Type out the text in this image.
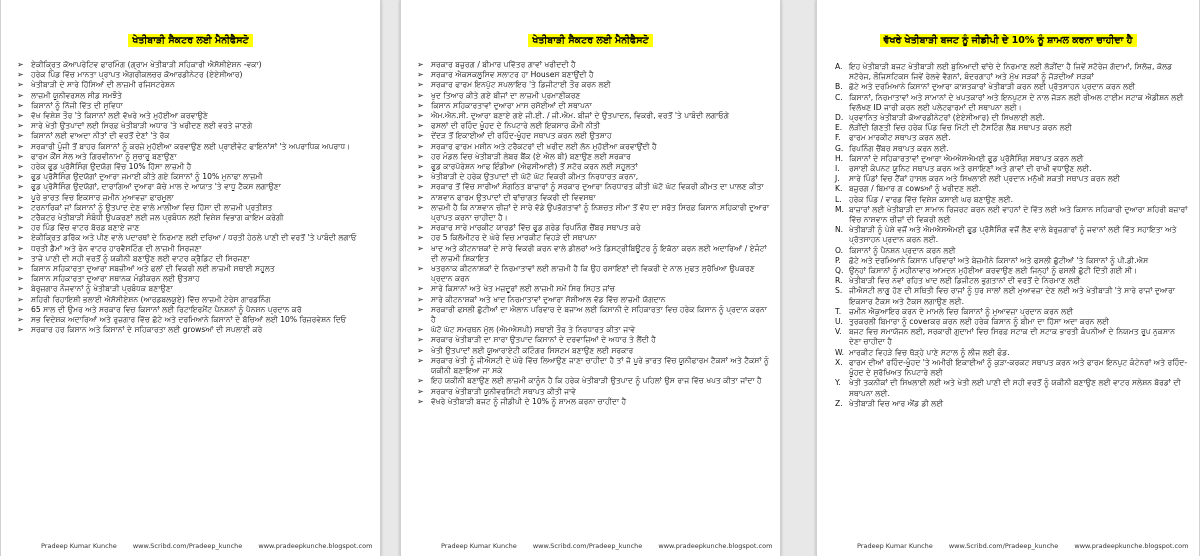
ਖੇਤੀਬਾੜੀ ਸੈਕਟਰ ਲਈ ਮੈਨੀਫੈਸਟੋ
➢ ਏਕੀਕ੍ਰਿਤ ਕੋਆਪਰੇਟਿਵ ਫਾਰਮਿੰਗ (ਗ੍ਰਾਮ ਖੇਤੀਬਾੜੀ ਸਹਿਕਾਰੀ ਐਸੋਸੀਏਸ਼ਨ -ਵਕਾ)
➢ ਹਰੇਕ ਪਿੰਡ ਵਿੱਚ ਮਾਨਤਾ ਪ੍ਰਾਪਤ ਐਗਰੀਕਲਚਰ ਕੋਆਰਡੀਨੇਟਰ (ਏਏਸੀਆਰ)
➢ ਖੇਤੀਬਾੜੀ ਦੇ ਸਾਰੇ ਹਿੱਸਿਆਂ ਦੀ ਲਾਜ਼ਮੀ ਰਜਿਸਟਰੇਸ਼ਨ
➢ ਲਾਜ਼ਮੀ ਯੂਨੀਵਰਸਲ ਸੀਡ ਸਮਝੌਤੇ
➢ ਕਿਸਾਨਾਂ ਨੂੰ ਨਿੱਜੀ ਵਿੱਤ ਦੀ ਸੁਵਿਧਾ
➢ ਵੱਖ ਵਿਸ਼ੇਸ਼ ਤੌਰ 'ਤੇ ਕਿਸਾਨਾਂ ਲਈ ਵੱਖਰੇ ਅਤੇ ਮੁਹੱਈਆ ਕਰਵਾਉਣੇ
➢ ਸਾਰੇ ਖੇਤੀ ਉਤਪਾਦਾਂ ਲਈ ਸਿਰਫ਼ ਖੇਤੀਬਾੜੀ ਅਧਾਰ 'ਤੇ ਖਰੀਦਣ ਲਈ ਵਰਤੇ ਜਾਣਗੇ
➢ ਕਿਸਾਨਾਂ ਲਈ ਵਾਅਦਾ ਨੀਤਾਂ ਦੀ ਵਰਤੋਂ ਦੇਣਾਂ 'ਤੇ ਰੋਕ
➢ ਸਰਕਾਰੀ ਪੂੰਜੀ ਤੋਂ ਬਾਹਰ ਕਿਸਾਨਾਂ ਨੂੰ ਕਰਜ਼ੇ ਮੁਹੱਈਆ ਕਰਵਾਉਣ ਲਈ ਪ੍ਰਾਈਵੇਟ ਫਾਇਨਾਂਸਾਂ 'ਤੇ ਅਪਰਾਧਿਕ ਅਪਰਾਧ।
➢ ਫਾਰਮ ਕੌਂਸ ਸੇਲ ਅਤੇ ਗਿਰਵੀਨਾਮਾ ਨੂੰ ਸੁਚਾਰੂ ਬਣਾਉਣਾ
➢ ਹਰੇਕ ਫੂਡ ਪ੍ਰੋਸੈਸਿੰਗ ਉਦਯੋਗ ਵਿੱਚ 10% ਹਿੱਸਾ ਲਾਜ਼ਮੀ ਹੈ
➢ ਫੂਡ ਪ੍ਰੋਸੈਸਿੰਗ ਉਦਯੋਗਾਂ ਦੁਆਰਾ ਜਮਾਈ ਕੀਤੇ ਗਏ ਕਿਸਾਨਾਂ ਨੂੰ 10% ਮੁਨਾਫਾ ਲਾਜ਼ਮੀ
➢ ਫੂਡ ਪ੍ਰੋਸੈਸਿੰਗ ਉਦਯੋਗਾਂ, ਦਾਰਾਗਿਆਂ ਦੁਆਰਾ ਕੱਚੇ ਮਾਲ ਦੇ ਆਯਾਤ 'ਤੇ ਵਾਧੂ ਟੈਕਸ ਲਗਾਉਣਾ
➢ ਪੂਰੇ ਭਾਰਤ ਵਿਚ ਇਕਸਾਰ ਜ਼ਮੀਨ ਮੁਆਵਜ਼ਾ ਫਾਰਮੂਲਾ
➢ ਟਰਨਾਰਿਕਾਂ ਜਾਂ ਕਿਸਾਨਾਂ ਨੂੰ ਉਤਪਾਦ ਦੇਣ ਵਾਲੇ ਮਾਲੀਆ ਵਿਚ ਹਿੱਸਾ ਦੀ ਲਾਜ਼ਮੀ ਪ੍ਰਤੀਸ਼ਤ
➢ ਟਰੈਕਟਰ ਖੇਤੀਬਾੜੀ ਸੰਬੰਧੀ ਉਪਕਰਣਾਂ ਲਈ ਜਲ ਪ੍ਰਬੰਧਨ ਲਈ ਵਿਸ਼ੇਸ਼ ਵਿਭਾਗ ਕਾਇਮ ਕਰੇਗੀ
➢ ਹਰ ਪਿੰਡ ਵਿੱਚ ਵਾਟਰ ਬੋਰਡ ਬਣਾਏ ਜਾਣ
➢ ਏਕੀਕ੍ਰਿਤ ਡਰਿੱਕ ਅਤੇ ਪੀਣ ਵਾਲੇ ਪਦਾਰਥਾਂ ਦੇ ਨਿਰਮਾਣ ਲਈ ਦਰਿਆ / ਧਰਤੀ ਹੇਠਲੇ ਪਾਣੀ ਦੀ ਵਰਤੋਂ 'ਤੇ ਪਾਬੰਦੀ ਲਗਾਓ
➢ ਧਰਤੀ ਡੈਮਾਂ ਅਤੇ ਰੇਨ ਵਾਟਰ ਹਾਰਵੈਸਟਿੰਗ ਦੀ ਲਾਜ਼ਮੀ ਸਿਰਜਣਾ
➢ ਤਾਜ਼ੇ ਪਾਣੀ ਦੀ ਸਹੀ ਵਰਤੋਂ ਨੂੰ ਯਕੀਨੀ ਬਣਾਉਣ ਲਈ ਵਾਟਰ ਕ੍ਰੈਡਿਟ ਦੀ ਸਿਰਜਣਾ
➢ ਕਿਸਾਨ ਸਹਿਕਾਰਤਾ ਦੁਆਰਾ ਸਬਜ਼ੀਆਂ ਅਤੇ ਫਲਾਂ ਦੀ ਵਿਕਰੀ ਲਈ ਲਾਜ਼ਮੀ ਸਥਾਈ ਸਹੂਲਤ
➢ ਕਿਸਾਨ ਸਹਿਕਾਰਤਾ ਦੁਆਰਾ ਸਥਾਨਕ ਮੰਡੀਕਰਨ ਲਈ ਉਤਸ਼ਾਹ
➢ ਬੇਰੁਜ਼ਗਾਰ ਨੌਜਵਾਨਾਂ ਨੂੰ ਖੇਤੀਬਾੜੀ ਪ੍ਰਬੰਧਕ ਬਣਾਉਣਾ
➢ ਸ਼ਹਿਰੀ ਰਿਹਾਇਸ਼ੀ ਭਲਾਈ ਐਸੋਸੀਏਸ਼ਨ (ਆਰਡਬਲਯੂਏ) ਵਿੱਚ ਲਾਜ਼ਮੀ ਟੇਰੇਸ ਗਾਰਡਨਿੰਗ
➢ 65 ਸਾਲ ਦੀ ਉਮਰ ਅਤੇ ਸਰਕਾਰ ਵਿਚ ਕਿਸਾਨਾਂ ਲਈ ਰਿਟਾਇਰਮੈਂਟ ਪੈਨਸ਼ਨਾਂ ਨੂੰ ਪੈਨਸ਼ਨ ਪ੍ਰਦਾਨ ਕਰੋ
➢ ਸਭ ਵਿਦੇਸ਼ਕ ਅਦਾਰਿਆਂ ਅਤੇ ਰੁਜ਼ਗਾਰ ਵਿੱਚ ਛੋਟੇ ਅਤੇ ਦਰਮਿਆਨੇ ਕਿਸਾਨਾਂ ਦੇ ਬੱਚਿਆਂ ਲਈ 10% ਰਿਜ਼ਰਵੇਸ਼ਨ ਦਿਓ
➢ ਸਰਕਾਰ ਹਰ ਕਿਸਾਨ ਅਤੇ ਕਿਸਾਨਾਂ ਦੇ ਸਹਿਕਾਰਤਾ ਲਈ growsਆਂ ਦੀ ਸਪਲਾਈ ਕਰੇ
Pradeep Kumar Kunche www.Scribd.com/Pradeep_kunche www.pradeepkunche.blogspot.com
ਖੇਤੀਬਾੜੀ ਸੈਕਟਰ ਲਈ ਮੈਨੀਫੈਸਟੋ
➢ ਸਰਕਾਰ ਬਜ਼ੁਰਗ / ਬੀਮਾਰ ਪਵਿੱਤਰ ਗਾਵਾਂ ਖਰੀਦਦੀ ਹੈ
➢ ਸਰਕਾਰ ਐਕਸਕਲੂਸਿਵ ਸਲਾਟਰ ਹਾ Houseਸ ਬਣਾਉਂਦੀ ਹੈ
➢ ਸਰਕਾਰ ਫਾਰਮ ਇਨਪੁੱਟ ਸਪਲਾਇਰ 'ਤੇ ਡਿਜੀਟਾਈ ਤੌਰ ਕਰਨ ਲਈ
➢ ਖੁਦ ਤਿਆਰ ਕੀਤੇ ਗਏ ਬੀਜਾਂ ਦਾ ਲਾਜ਼ਮੀ ਪ੍ਰਮਾਣੀਕਰਣ
➢ ਕਿਸਾਨ ਸਹਿਕਾਰਤਾਵਾਂ ਦੁਆਰਾ ਮਾਸ ਰਸੋਈਆਂ ਦੀ ਸਥਾਪਨਾ
➢ ਐਮ.ਐਨ.ਸੀ. ਦੁਆਰਾ ਬਣਾਏ ਗਏ ਜੀ.ਈ. / ਜੀ.ਐਮ. ਬੀਜਾਂ ਦੇ ਉਤਪਾਦਨ, ਵਿਕਰੀ, ਵਰਤੋਂ 'ਤੇ ਪਾਬੰਦੀ ਲਗਾਓਗੇ
➢ ਫਸਲਾਂ ਦੀ ਰਹਿੰਦ ਖੂੰਹਦ ਦੇ ਨਿਪਟਾਰੇ ਲਈ ਇਕਸਾਰ ਕੌਮੀ ਨੀਤੀ
➢ ਦੇਂਦੜ ਤੋਂ ਇਕਾਈਆਂ ਦੀ ਰਹਿੰਦ-ਖੂੰਹਦ ਸਥਾਪਤ ਕਰਨ ਲਈ ਉਤਸ਼ਾਹ
➢ ਸਰਕਾਰ ਫਾਰਮ ਮਸ਼ੀਨ ਅਤੇ ਟਰੈਕਟਰਾਂ ਦੀ ਖਰੀਦ ਲਈ ਲੋਨ ਮੁਹੱਈਆ ਕਰਵਾਉਂਦੀ ਹੈ
➢ ਹਰ ਮੰਡਲ ਵਿਚ ਖੇਤੀਬਾੜੀ ਲੇਬਰ ਬੈਂਕ (ਏ ਐਲ ਬੀ) ਬਣਾਉਣ ਲਈ ਸਰਕਾਰ
➢ ਫੂਡ ਕਾਰਪੋਰੇਸ਼ਨ ਆਫ ਇੰਡੀਆ (ਐਫਸੀਆਈ) ਤੋਂ ਸਟੋਰ ਕਰਨ ਲਈ ਸਹੂਲਤਾਂ
➢ ਖੇਤੀਬਾੜੀ ਦੇ ਹਰੇਕ ਉਤਪਾਦਾਂ ਦੀ ਘੱਟੋ ਘੱਟ ਵਿਕਰੀ ਕੀਮਤ ਨਿਰਧਾਰਤ ਕਰਨਾ,
➢ ਸਰਕਾਰ ਤੋਂ ਵਿੱਚ ਸਾਰੀਆਂ ਸੰਗਠਿਤ ਬਾਜ਼ਾਰਾਂ ਨੂੰ ਸਰਕਾਰ ਦੁਆਰਾ ਨਿਰਧਾਰਤ ਕੀਤੀ ਘੱਟੋ ਘੱਟ ਵਿਕਰੀ ਕੀਮਤ ਦਾ ਪਾਲਣ ਕੀਤਾ
➢ ਨਾਸ਼ਵਾਨ ਫਾਰਮ ਉਤਪਾਦਾਂ ਦੀ ਢਾਂਚਾਗਤ ਵਿਕਰੀ ਦੀ ਵਿਵਸਥਾ
➢ ਲਾਜ਼ਮੀ ਹੈ ਕਿ ਨਾਸ਼ਵਾਨ ਚੀਜ਼ਾਂ ਦੇ ਸਾਰੇ ਵੱਡੇ ਉਪਭੋਗਤਾਵਾਂ ਨੂੰ ਨਿਸ਼ਚਤ ਸੀਮਾ ਤੋਂ ਵੱਧ ਦਾ ਸਰੋਤ ਸਿਰਫ਼ ਕਿਸਾਨ ਸਹਿਕਾਰੀ ਦੁਆਰਾ ਪ੍ਰਾਪਤ ਕਰਨਾ ਚਾਹੀਦਾ ਹੈ।
➢ ਸਰਕਾਰ ਸਾਰੇ ਮਾਰਕੀਟ ਯਾਰਡਾਂ ਵਿੱਚ ਫੂਡ ਗਰੇਡ ਰਿਪਨਿੰਗ ਚੈਂਬਰ ਸਥਾਪਤ ਕਰੇ
➢ ਹਰ 5 ਕਿਲੋਮੀਟਰ ਦੇ ਘੇਰੇ ਵਿਚ ਮਾਰਕੀਟ ਵਿਹੜੇ ਦੀ ਸਥਾਪਨਾ
➢ ਖਾਦ ਅਤੇ ਕੀਟਨਾਸ਼ਕਾਂ ਦੇ ਸਾਰੇ ਵਿਕਰੀ ਕਰਨ ਵਾਲੇ ਡੀਲਰਾਂ ਅਤੇ ਡਿਸਟ੍ਰੀਬਿਊਟਰ ਨੂੰ ਇਕੱਠਾ ਕਰਨ ਲਈ ਅਦਾਰਿਆਂ / ਏਜੰਟਾਂ ਦੀ ਲਾਜ਼ਮੀ ਸ਼ਿਕਾਇਤ
➢ ਖਤਰਨਾਕ ਕੀਟਨਾਸ਼ਕਾਂ ਦੇ ਨਿਰਮਾਤਾਵਾਂ ਲਈ ਲਾਜ਼ਮੀ ਹੈ ਕਿ ਉਹ ਰਸਾਇਣਾਂ ਦੀ ਵਿਕਰੀ ਦੇ ਨਾਲ ਮੁਫਤ ਸੁਰੱਖਿਆ ਉਪਕਰਣ ਪ੍ਰਦਾਨ ਕਰਨ
➢ ਸਾਰੇ ਕਿਸਾਨਾਂ ਅਤੇ ਖੇਤ ਮਜ਼ਦੂਰਾਂ ਲਈ ਲਾਜ਼ਮੀ ਸਮੇਂ ਸਿਰ ਸਿਹਤ ਜਾਂਚ
➢ ਸਾਰੇ ਕੀਟਨਾਸ਼ਕਾਂ ਅਤੇ ਖਾਦ ਨਿਰਮਾਤਾਵਾਂ ਦੁਆਰਾ ਸੋਸ਼ੀਆਲ ਵੱਡ ਵਿੱਚ ਲਾਜ਼ਮੀ ਯੋਗਦਾਨ
➢ ਸਰਕਾਰੀ ਫਸਲੀ ਛੁੱਟੀਆਂ ਦਾ ਐਲਾਨ ਪਰਿਵਾਰ ਦੇ ਬਜਾਅ ਲਈ ਕਿਸਾਨੀ ਦੇ ਸਹਿਕਾਰਤਾ ਵਿਚ ਹਰੇਕ ਕਿਸਾਨ ਨੂੰ ਪ੍ਰਦਾਨ ਕਰਨਾ ਹੈ
➢ ਘੱਟੋ ਘੱਟ ਸਮਰਥਨ ਮੁੱਲ (ਐਮਐਸਪੀ) ਸਥਾਈ ਤੌਰ ਤੇ ਨਿਰਧਾਰਤ ਕੀਤਾ ਜਾਵੇ
➢ ਸਰਕਾਰ ਖੇਤੀਬਾੜੀ ਦਾ ਸਾਰਾ ਉਤਪਾਦ ਕਿਸਾਨਾਂ ਦੇ ਦਰਵਾਜ਼ਿਆਂ ਦੇ ਅਧਾਰ ਤੇ ਲੈਂਦੀ ਹੈ
➢ ਖੇਤੀ ਉਤਪਾਦਾਂ ਲਈ ਯੂਆਰਾਏਟੀ ਕਟਿੰਗਰ ਸਿਸਟਮ ਬਣਾਉਣ ਲਈ ਸਰਕਾਰ
➢ ਸਰਕਾਰ ਖੇਤੀ ਨੂੰ ਜੀਐਸਟੀ ਦੇ ਘੇਰੇ ਵਿੱਚ ਲਿਆਉਣ ਜਾਣਾ ਚਾਹੀਦਾ ਹੈ ਤਾਂ ਜੋ ਪੂਰੇ ਭਾਰਤ ਵਿੱਚ ਯੂਨੀਫਾਰਮ ਟੈਕਸਾਂ ਅਤੇ ਟੈਕਸਾਂ ਨੂੰ ਯਕੀਨੀ ਬਣਾਇਆ ਜਾ ਸਕੇ
➢ ਇਹ ਯਕੀਨੀ ਬਣਾਉਣ ਲਈ ਲਾਜ਼ਮੀ ਕਾਨੂੰਨ ਹੈ ਕਿ ਹਰੇਕ ਖੇਤੀਬਾੜੀ ਉਤਪਾਦ ਨੂੰ ਪਹਿਲਾਂ ਉਸ ਰਾਜ ਵਿੱਚ ਖਪਤ ਕੀਤਾ ਜਾਂਦਾ ਹੈ
➢ ਸਰਕਾਰ ਖੇਤੀਬਾੜੀ ਯੂਨੀਵਰਸਿਟੀ ਸਥਾਪਤ ਕੀਤੀ ਜਾਵੇ
➢ ਵੱਖਰੇ ਖੇਤੀਬਾੜੀ ਬਜਟ ਨੂੰ ਜੀਡੀਪੀ ਦੇ 10% ਨੂੰ ਸ਼ਾਮਲ ਕਰਨਾ ਚਾਹੀਦਾ ਹੈ
Pradeep Kumar Kunche www.Scribd.com/Pradeep_kunche www.pradeepkunche.blogspot.com
ਵੱਖਰੇ ਖੇਤੀਬਾੜੀ ਬਜਟ ਨੂੰ ਜੀਡੀਪੀ ਦੇ 10% ਨੂੰ ਸ਼ਾਮਲ ਕਰਨਾ ਚਾਹੀਦਾ ਹੈ
A. ਇਹ ਖੇਤੀਬਾੜੀ ਬਜਟ ਖੇਤੀਬਾੜੀ ਲਈ ਬੁਨਿਆਦੀ ਢਾਂਚੇ ਦੇ ਨਿਰਮਾਣ ਲਈ ਲੋੜੀਂਦਾ ਹੈ ਜਿਵੇਂ ਸਟੋਰੇਜ ਗੋਦਾਮਾਂ, ਸਿਲੋਜ਼, ਕੋਲਡ ਸਟੋਰੇਜ, ਲੌਜਿਸਟਿਕਸ ਜਿਵੇਂ ਰੇਲਵੇ ਵੈਗਨਾਂ, ਬੰਦਰਗਾਹਾਂ ਅਤੇ ਮੁੱਖ ਸੜਕਾਂ ਨੂੰ ਜੋੜਦੀਆਂ ਸੜਕਾਂ
B. ਛੋਟੇ ਅਤੇ ਦਰਮਿਆਨੇ ਕਿਸਾਨਾਂ ਦੁਆਰਾ ਕਾਸ਼ਤਕਾਰਾਂ ਖੇਤੀਬਾੜੀ ਕਰਨ ਲਈ ਪ੍ਰੋਤਸਾਹਨ ਪ੍ਰਦਾਨ ਕਰਨ ਲਈ
C. ਕਿਸਾਨਾਂ, ਨਿਰਮਾਤਾਵਾਂ ਅਤੇ ਸਾਮਾਨਾਂ ਦੇ ਖਪਤਕਾਰਾਂ ਅਤੇ ਇਨਪੁਟਸ ਦੇ ਨਾਲ ਜੋੜਨ ਲਈ ਰੀਅਲ ਟਾਈਮ ਸਟਾਕ ਐਡੀਸ਼ਨ ਲਈ ਵਿਲੱਖਣ ID ਜਾਰੀ ਕਰਨ ਲਈ ਪਲੇਟਫਾਰਮਾਂ ਦੀ ਸਥਾਪਨਾ ਲਈ।
D. ਪ੍ਰਵਾਨਿਤ ਖੇਤੀਬਾੜੀ ਕੋਆਰਡੀਨੇਟਰਾਂ (ਏਏਸੀਆਰ) ਦੀ ਸਿਖਲਾਈ ਲਈ.
E. ਲੋੜੀਂਦੀ ਗਿਣਤੀ ਵਿਚ ਹਰੇਕ ਪਿੰਡ ਵਿਚ ਮਿੱਟੀ ਦੀ ਟੈਸਟਿੰਗ ਲੈਬ ਸਥਾਪਤ ਕਰਨ ਲਈ
F. ਫਾਰਮ ਮਾਰਕੀਟ ਸਥਾਪਤ ਕਰਨ ਲਈ.
G. ਰਿਪਨਿੰਗ ਚੈਂਬਰ ਸਥਾਪਤ ਕਰਨ ਲਈ.
H. ਕਿਸਾਨਾਂ ਦੇ ਸਹਿਕਾਰਤਾਵਾਂ ਦੁਆਰਾ ਐਮਐਸਐਮਈ ਫੂਡ ਪ੍ਰੋਸੈਸਿੰਗ ਸਥਾਪਤ ਕਰਨ ਲਈ
I. ਰਸਾਈ ਕੰਪਨਟ ਯੂਨਿਟ ਸਥਾਪਤ ਕਰਨ ਅਤੇ ਰਸਾਇਣਾਂ ਅਤੇ ਗਾਵਾਂ ਦੀ ਰਾਖੀ ਵਧਾਉਣ ਲਈ.
J. ਸਾਰੇ ਪਿੰਡਾਂ ਵਿਚ ਟੈਂਕਾਂ ਹਾਸਲ ਕਰਨ ਅਤੇ ਸਿਖਲਾਈ ਲਈ ਪ੍ਰਦਾਨ ਮਨੁੱਖੀ ਸ਼ਕਤੀ ਸਥਾਪਤ ਕਰਨ ਲਈ
K. ਬਜ਼ੁਰਗ / ਬਿਮਾਰ ਗ cowsਆਂ ਨੂੰ ਖਰੀਦਣ ਲਈ.
L. ਹਰੇਕ ਪਿੰਡ / ਵਾਰਡ ਵਿੱਚ ਵਿਸ਼ੇਸ਼ ਕਸਾਈ ਘਰ ਬਣਾਉਣ ਲਈ.
M. ਬਾਜ਼ਾਰਾਂ ਲਈ ਖੇਤੀਬਾੜੀ ਦਾ ਸਾਮਾਨ ਰਿਜਰਟ ਕਰਨ ਲਈ ਵਾਹਨਾਂ ਦੇ ਵਿੱਤ ਲਈ ਅਤੇ ਕਿਸਾਨ ਸਹਿਕਾਰੀ ਦੁਆਰਾ ਸ਼ਹਿਰੀ ਬਜ਼ਾਰਾਂ ਵਿੱਚ ਨਾਸ਼ਵਾਨ ਚੀਜ਼ਾਂ ਦੀ ਵਿਕਰੀ ਲਈ
N. ਖੇਤੀਬਾੜੀ ਨੂੰ ਪੇਸ਼ੇ ਵਜੋਂ ਅਤੇ ਐਮਐਸਐਮਈ ਫੂਡ ਪ੍ਰੋਸੈਸਿੰਗ ਵਜੋਂ ਲੈਣ ਵਾਲੇ ਬੇਰੁਜ਼ਗਾਰਾਂ ਨੂੰ ਜਵਾਨਾਂ ਲਈ ਵਿੱਤ ਸਹਾਇਤਾ ਅਤੇ ਪ੍ਰੋਤਸਾਹਨ ਪ੍ਰਦਾਨ ਕਰਨ ਲਈ.
O. ਕਿਸਾਨਾਂ ਨੂੰ ਪੈਨਸ਼ਨ ਪ੍ਰਦਾਨ ਕਰਨ ਲਈ
P. ਛੋਟੇ ਅਤੇ ਦਰਮਿਆਨੇ ਕਿਸਾਨ ਪਰਿਵਾਰਾਂ ਅਤੇ ਬੇਜ਼ਮੀਨੇ ਕਿਸਾਨਾਂ ਅਤੇ ਫਸਲੀ ਛੁੱਟੀਆਂ 'ਤੇ ਕਿਸਾਨਾਂ ਨੂੰ ਪੀ.ਡੀ.ਐਸ
Q. ਉਨ੍ਹਾਂ ਕਿਸਾਨਾਂ ਨੂੰ ਮਹੀਨਾਵਾਰ ਆਮਦਨ ਮੁਹੱਈਆ ਕਰਵਾਉਣ ਲਈ ਜਿਨ੍ਹਾਂ ਨੂੰ ਫਸਲੀ ਛੁੱਟੀ ਦਿੱਤੀ ਗਈ ਸੀ।
R. ਖੇਤੀਬਾੜੀ ਵਿਚ ਨਵਾਂ ਰਹਿਤ ਖਾਦ ਲਈ ਡਿਜੀਟਲ ਭੁਗਤਾਨਾਂ ਦੀ ਵਰਤੋਂ ਦੇ ਨਿਰਮਾਣ ਲਈ
S. ਜੀਐਸਟੀ ਲਾਗੂ ਹੋਣ ਦੀ ਸਥਿਤੀ ਵਿਚ ਰਾਜਾਂ ਨੂੰ ਧੁਰ ਸਾਲਾਂ ਲਈ ਮੁਆਵਜ਼ਾ ਦੇਣ ਲਈ ਅਤੇ ਖੇਤੀਬਾੜੀ 'ਤੇ ਸਾਰੇ ਰਾਜਾਂ ਦੁਆਰਾ ਇਕਸਾਰ ਟੈਕਸ ਅਤੇ ਟੈਕਸ ਲਗਾਉਣ ਲਈ.
T. ਜ਼ਮੀਨ ਐਕੁਆਇਰ ਕਰਨ ਦੇ ਮਾਮਲੇ ਵਿਚ ਕਿਸਾਨਾਂ ਨੂੰ ਮੁਆਵਜ਼ਾ ਪ੍ਰਦਾਨ ਕਰਨ ਲਈ
U. ਤੁਰਕਰਲੀ ਬਿਮਾਰਾ ਨੂੰ coverਕਰ ਕਰਨ ਲਈ ਹਰੇਕ ਕਿਸਾਨ ਨੂੰ ਬੀਮਾ ਦਾ ਹਿੱਸਾ ਅਦਾ ਕਰਨ ਲਈ
V. ਬਜਟ ਵਿਚ ਸਮਾਯੋਜਨ ਲਈ, ਸਰਕਾਰੀ ਗੁਦਾਮਾਂ ਵਿਚ ਸਿਰਫ਼ ਸਟਾਕ ਦੀ ਸਟਾਕ ਭਾਰਤੀ ਕੰਪਨੀਆਂ ਦੇ ਨਿਯਮਤ ਰੂਪ ਨੁਕਸਾਨ ਦੇਣਾ ਚਾਹੀਦਾ ਹੈ
W. ਮਾਰਕੀਟ ਵਿਹੜੇ ਵਿਚ ਥੋੜ੍ਹੇ ਪਾਣੇ ਸਟਾਲ ਨੂੰ ਲੀਜ ਲਈ ਫੰਡ.
X. ਫਾਰਮ ਦੀਆਂ ਰਹਿੰਦ-ਖੂੰਹਦ 'ਤੇ ਅਮੀਰੀ ਇਕਾਈਆਂ ਨੂੰ ਕੁੜਾ-ਕਰਕਟ ਸਥਾਪਤ ਕਰਨ ਅਤੇ ਫਾਰਮ ਇਨਪੁਟ ਕੰਟੇਨਰਾਂ ਅਤੇ ਰਹਿੰਦ-ਖੂੰਹਦ ਦੇ ਸੁਰੱਖਿਅਤ ਨਿਪਟਾਰੇ ਲਈ
Y. ਖੇਤੀ ਤਕਨੀਕਾਂ ਦੀ ਸਿਖਲਾਈ ਲਈ ਅਤੇ ਖੇਤੀ ਲਈ ਪਾਣੀ ਦੀ ਸਹੀ ਵਰਤੋਂ ਨੂੰ ਯਕੀਨੀ ਬਣਾਉਣ ਲਈ ਵਾਟਰ ਸਲੇਸ਼ਨ ਬੋਰਡਾਂ ਦੀ ਸਥਾਪਨਾ ਲਈ.
Z. ਖੇਤੀਬਾੜੀ ਵਿਚ ਆਰ ਐਂਡ ਡੀ ਲਈ
Pradeep Kumar Kunche www.Scribd.com/Pradeep_kunche www.pradeepkunche.blogspot.com
